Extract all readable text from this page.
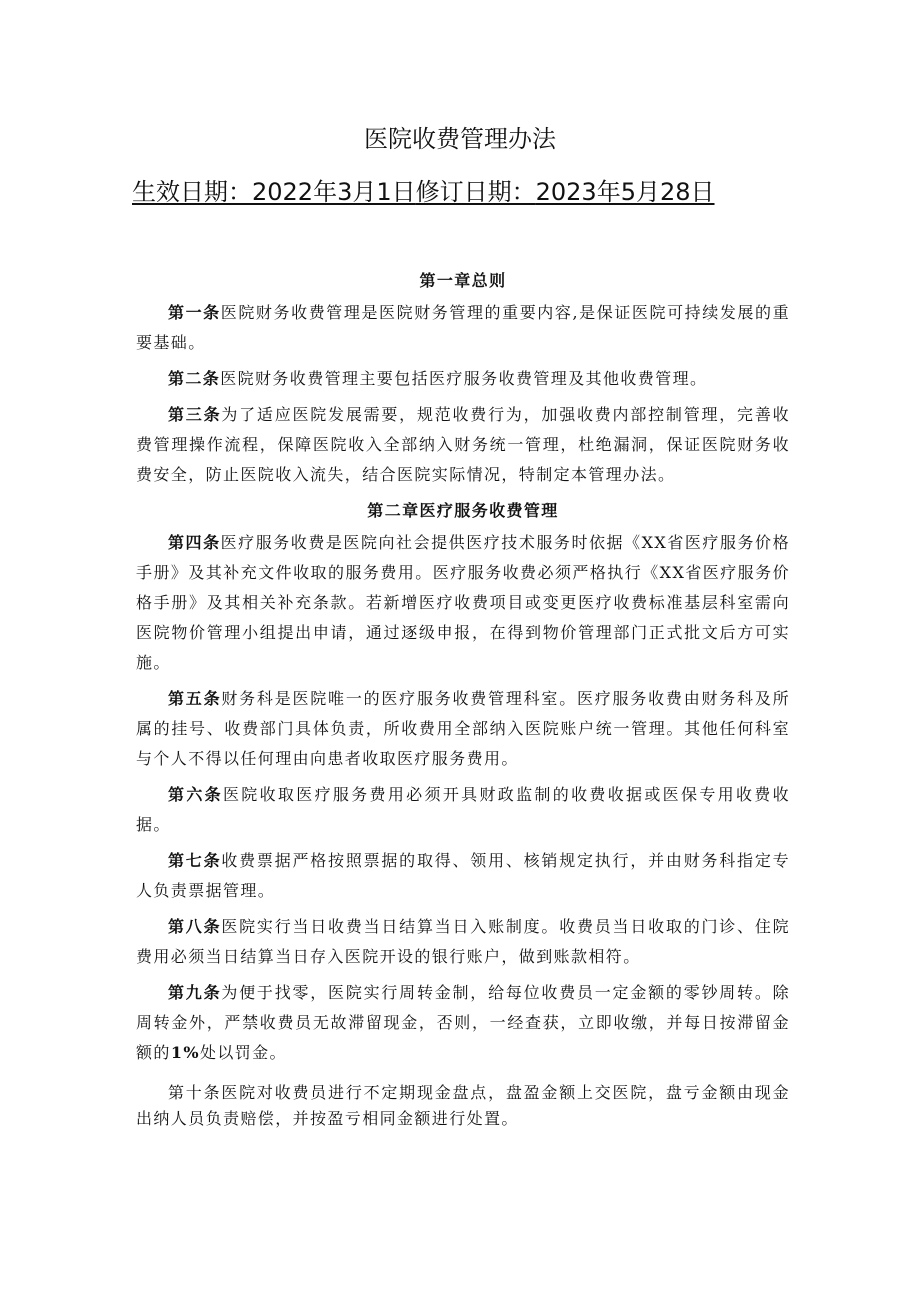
医院收费管理办法

生效日期：2022年3月1日修订日期：2023年5月28日

第一章总则

第一条医院财务收费管理是医院财务管理的重要内容,是保证医院可持续发展的重要基础。

第二条医院财务收费管理主要包括医疗服务收费管理及其他收费管理。

第三条为了适应医院发展需要，规范收费行为，加强收费内部控制管理，完善收费管理操作流程，保障医院收入全部纳入财务统一管理，杜绝漏洞，保证医院财务收费安全，防止医院收入流失，结合医院实际情况，特制定本管理办法。

第二章医疗服务收费管理

第四条医疗服务收费是医院向社会提供医疗技术服务时依据《XX省医疗服务价格手册》及其补充文件收取的服务费用。医疗服务收费必须严格执行《XX省医疗服务价格手册》及其相关补充条款。若新增医疗收费项目或变更医疗收费标准基层科室需向医院物价管理小组提出申请，通过逐级申报，在得到物价管理部门正式批文后方可实施。

第五条财务科是医院唯一的医疗服务收费管理科室。医疗服务收费由财务科及所属的挂号、收费部门具体负责，所收费用全部纳入医院账户统一管理。其他任何科室与个人不得以任何理由向患者收取医疗服务费用。

第六条医院收取医疗服务费用必须开具财政监制的收费收据或医保专用收费收据。

第七条收费票据严格按照票据的取得、领用、核销规定执行，并由财务科指定专人负责票据管理。

第八条医院实行当日收费当日结算当日入账制度。收费员当日收取的门诊、住院费用必须当日结算当日存入医院开设的银行账户，做到账款相符。

第九条为便于找零，医院实行周转金制，给每位收费员一定金额的零钞周转。除周转金外，严禁收费员无故滞留现金，否则，一经查获，立即收缴，并每日按滞留金额的1%处以罚金。

第十条医院对收费员进行不定期现金盘点，盘盈金额上交医院，盘亏金额由现金出纳人员负责赔偿，并按盈亏相同金额进行处置。
